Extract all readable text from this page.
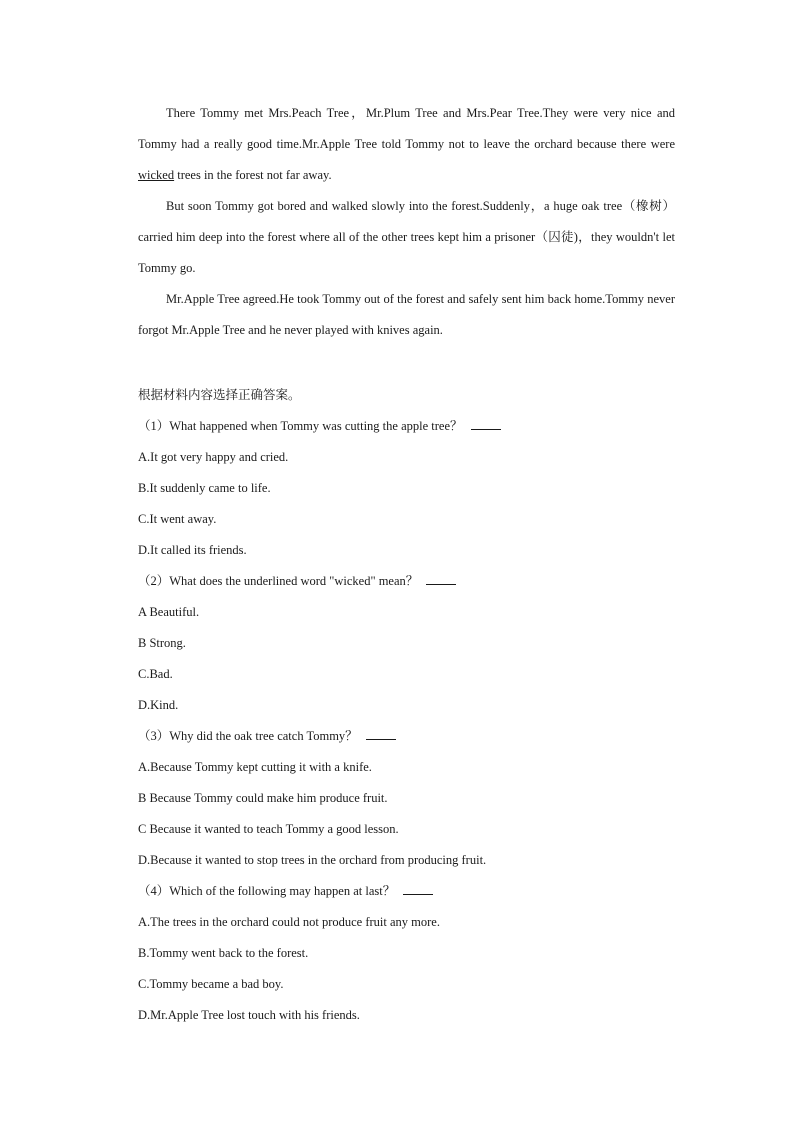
There Tommy met Mrs.Peach Tree，Mr.Plum Tree and Mrs.Pear Tree.They were very nice and Tommy had a really good time.Mr.Apple Tree told Tommy not to leave the orchard because there were wicked trees in the forest not far away.

But soon Tommy got bored and walked slowly into the forest.Suddenly，a huge oak tree（橡树） carried him deep into the forest where all of the other trees kept him a prisoner（囚徒)，they wouldn't let Tommy go.

Mr.Apple Tree agreed.He took Tommy out of the forest and safely sent him back home.Tommy never forgot Mr.Apple Tree and he never played with knives again.

根据材料内容选择正确答案。

（1）What happened when Tommy was cutting the apple tree？

A.It got very happy and cried.

B.It suddenly came to life.

C.It went away.

D.It called its friends.

（2）What does the underlined word "wicked" mean？

A Beautiful.

B Strong.

C.Bad.

D.Kind.

（3）Why did the oak tree catch Tommy？

A.Because Tommy kept cutting it with a knife.

B Because Tommy could make him produce fruit.

C Because it wanted to teach Tommy a good lesson.

D.Because it wanted to stop trees in the orchard from producing fruit.

（4）Which of the following may happen at last？

A.The trees in the orchard could not produce fruit any more.

B.Tommy went back to the forest.

C.Tommy became a bad boy.

D.Mr.Apple Tree lost touch with his friends.
